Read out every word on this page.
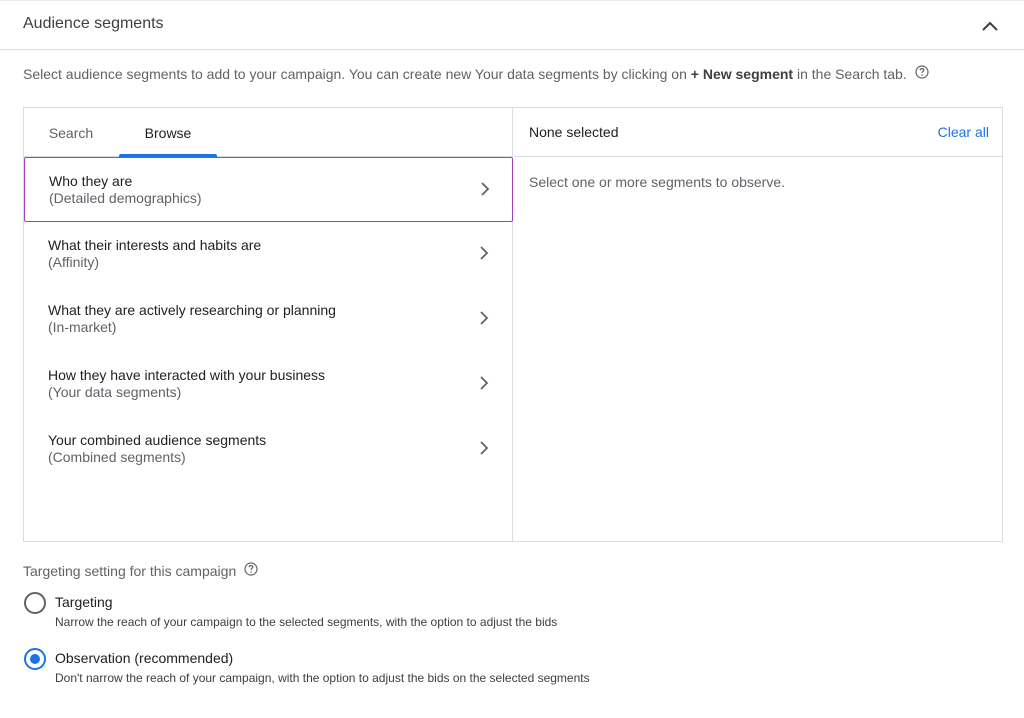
Audience segments
Select audience segments to add to your campaign. You can create new Your data segments by clicking on + New segment in the Search tab.
Search	Browse
Who they are
(Detailed demographics)
What their interests and habits are
(Affinity)
What they are actively researching or planning
(In-market)
How they have interacted with your business
(Your data segments)
Your combined audience segments
(Combined segments)
None selected	Clear all
Select one or more segments to observe.
Targeting setting for this campaign
Targeting
Narrow the reach of your campaign to the selected segments, with the option to adjust the bids
Observation (recommended)
Don't narrow the reach of your campaign, with the option to adjust the bids on the selected segments
